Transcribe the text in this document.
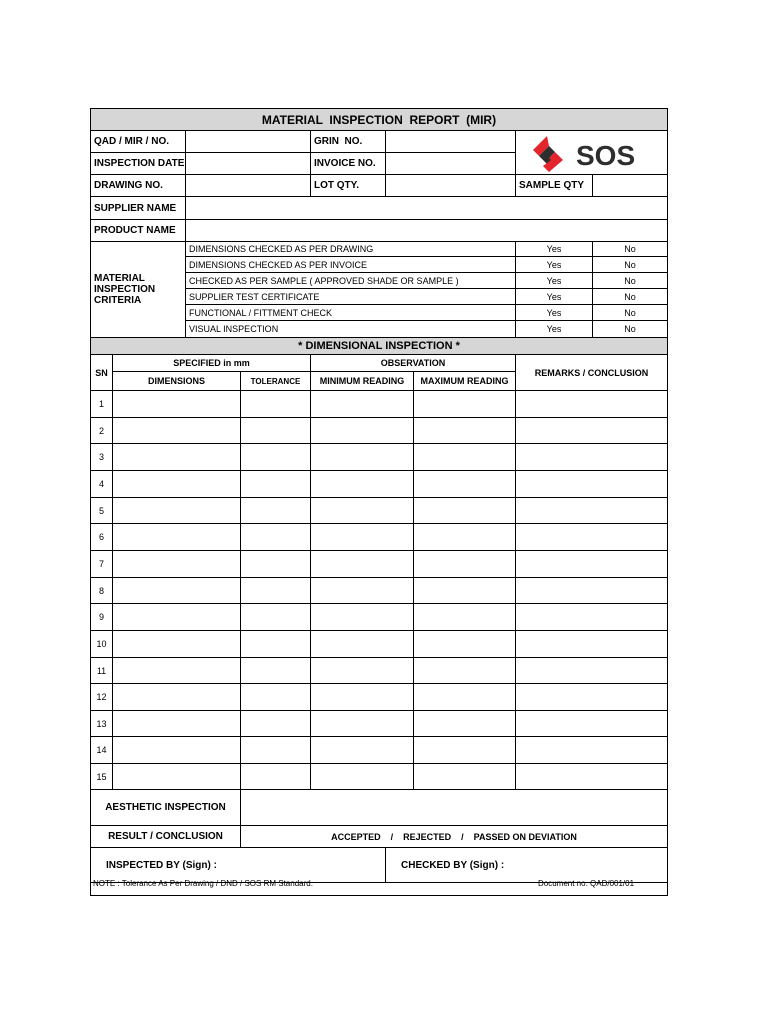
MATERIAL  INSPECTION  REPORT  (MIR)
QAD / MIR / NO.	GRIN  NO.
INSPECTION DATE	INVOICE NO.
DRAWING NO.	LOT QTY.	SAMPLE QTY
SUPPLIER NAME
PRODUCT NAME
SOS
MATERIAL
INSPECTION
CRITERIA
DIMENSIONS CHECKED AS PER DRAWING	Yes	No
DIMENSIONS CHECKED AS PER INVOICE	Yes	No
CHECKED AS PER SAMPLE ( APPROVED SHADE OR SAMPLE )	Yes	No
SUPPLIER TEST CERTIFICATE	Yes	No
FUNCTIONAL / FITTMENT CHECK	Yes	No
VISUAL INSPECTION	Yes	No
* DIMENSIONAL INSPECTION *
SN
SPECIFIED in mm	OBSERVATION
REMARKS / CONCLUSION
DIMENSIONS	TOLERANCE	MINIMUM READING	MAXIMUM READING
1
2
3
4
5
6
7
8
9
10
11
12
13
14
15
AESTHETIC INSPECTION
RESULT / CONCLUSION	ACCEPTED    /    REJECTED    /    PASSED ON DEVIATION
INSPECTED BY (Sign) :	CHECKED BY (Sign) :
NOTE : Tolerance As Per Drawing / DND / SOS RM Standard.	Document no. QAD/001/01
